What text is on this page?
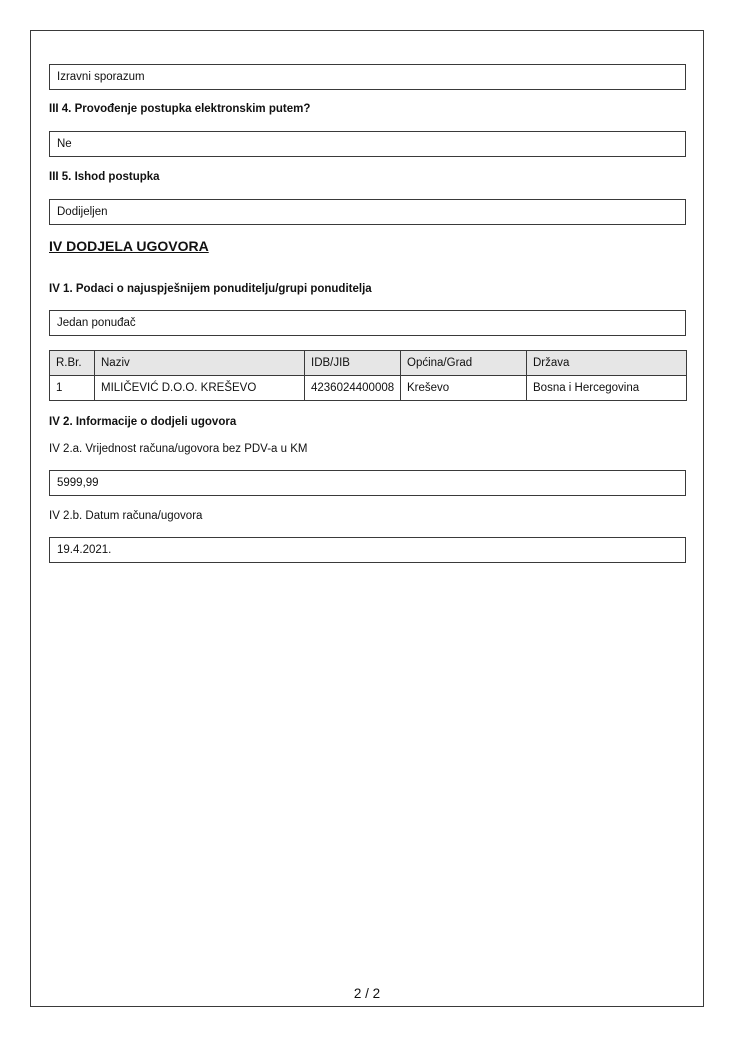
Izravni sporazum
III 4. Provođenje postupka elektronskim putem?
Ne
III 5. Ishod postupka
Dodijeljen
IV DODJELA UGOVORA
IV 1. Podaci o najuspješnijem ponuditelju/grupi ponuditelja
Jedan ponuđač
R.Br.	Naziv	IDB/JIB	Općina/Grad	Država
1	MILIČEVIĆ D.O.O. KREŠEVO	4236024400008	Kreševo	Bosna i Hercegovina
IV 2. Informacije o dodjeli ugovora
IV 2.a. Vrijednost računa/ugovora bez PDV-a u KM
5999,99
IV 2.b. Datum računa/ugovora
19.4.2021.
2 / 2
